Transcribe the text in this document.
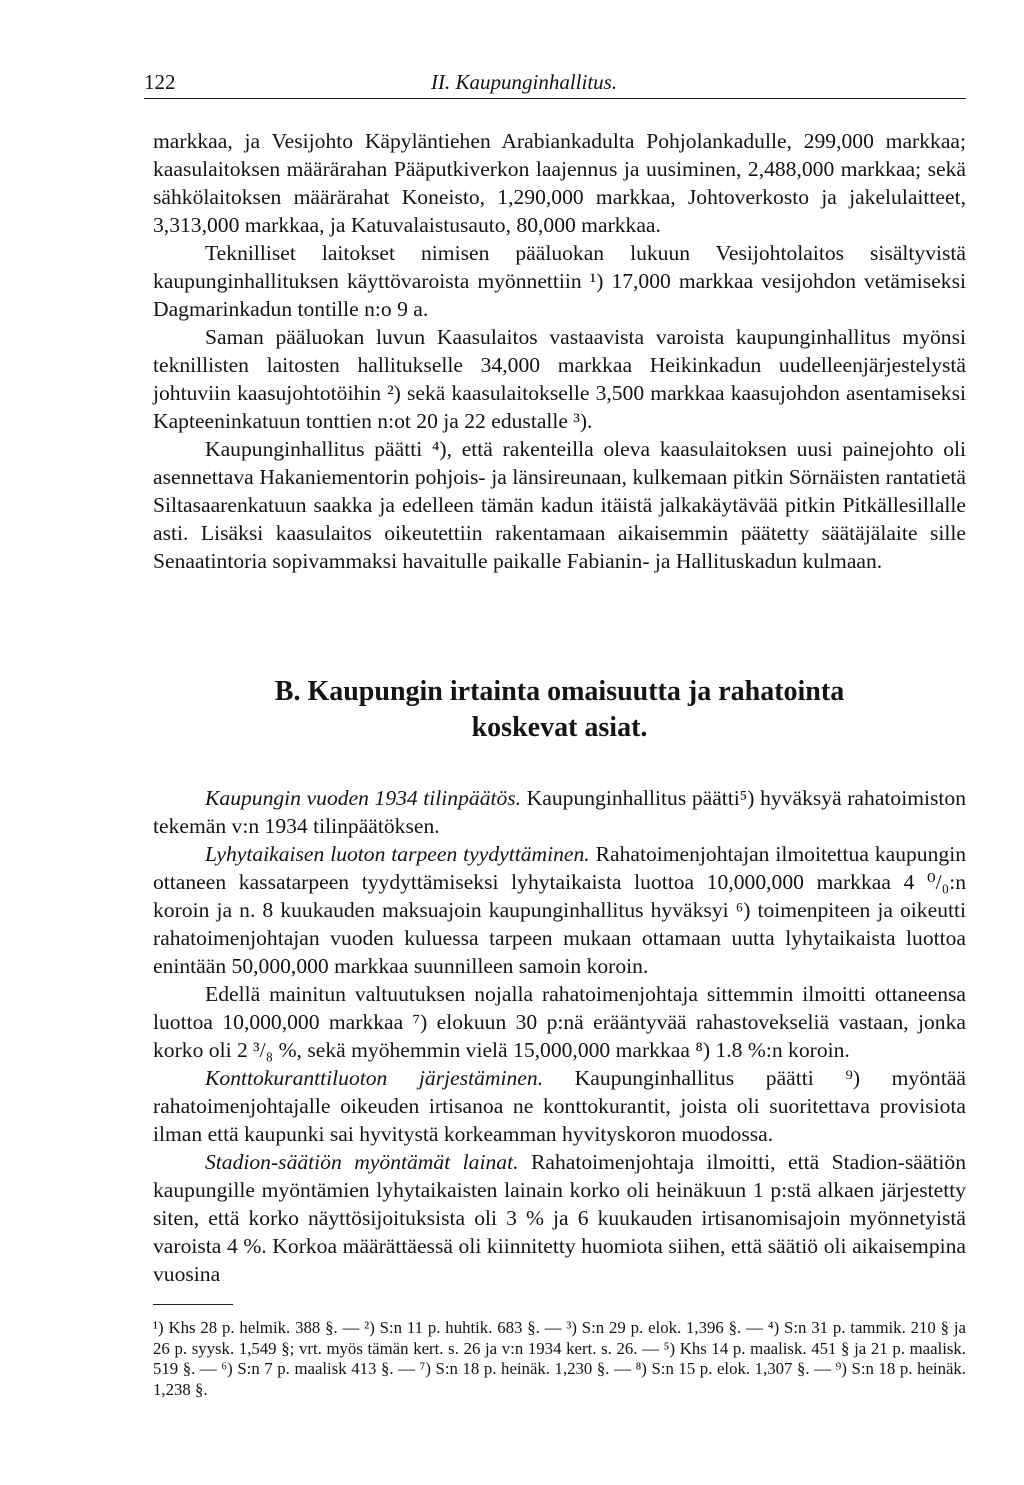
122	II. Kaupunginhallitus.

markkaa, ja Vesijohto Käpyläntiehen Arabiankadulta Pohjolankadulle, 299,000 markkaa; kaasulaitoksen määrärahan Pääputkiverkon laajennus ja uusiminen, 2,488,000 markkaa; sekä sähkölaitoksen määrärahat Koneisto, 1,290,000 markkaa, Johtoverkosto ja jakelulaitteet, 3,313,000 markkaa, ja Katuvalaistusauto, 80,000 markkaa.

Teknilliset laitokset nimisen pääluokan lukuun Vesijohtolaitos sisältyvistä kaupunginhallituksen käyttövaroista myönnettiin ¹) 17,000 markkaa vesijohdon vetämiseksi Dagmarinkadun tontille n:o 9 a.

Saman pääluokan luvun Kaasulaitos vastaavista varoista kaupunginhallitus myönsi teknillisten laitosten hallitukselle 34,000 markkaa Heikinkadun uudelleenjärjestelystä johtuviin kaasujohtotöihin ²) sekä kaasulaitokselle 3,500 markkaa kaasujohdon asentamiseksi Kapteeninkatuun tonttien n:ot 20 ja 22 edustalle ³).

Kaupunginhallitus päätti ⁴), että rakenteilla oleva kaasulaitoksen uusi painejohto oli asennettava Hakaniementorin pohjois- ja länsireunaan, kulkemaan pitkin Sörnäisten rantatietä Siltasaarenkatuun saakka ja edelleen tämän kadun itäistä jalkakäytävää pitkin Pitkällesillalle asti. Lisäksi kaasulaitos oikeutettiin rakentamaan aikaisemmin päätetty säätäjälaite sille Senaatintoria sopivammaksi havaitulle paikalle Fabianin- ja Hallituskadun kulmaan.

B. Kaupungin irtainta omaisuutta ja rahatointa
koskevat asiat.

Kaupungin vuoden 1934 tilinpäätös. Kaupunginhallitus päätti⁵) hyväksyä rahatoimiston tekemän v:n 1934 tilinpäätöksen.

Lyhytaikaisen luoton tarpeen tyydyttäminen. Rahatoimenjohtajan ilmoitettua kaupungin ottaneen kassatarpeen tyydyttämiseksi lyhytaikaista luottoa 10,000,000 markkaa 4 ⁰/₀:n koroin ja n. 8 kuukauden maksuajoin kaupunginhallitus hyväksyi ⁶) toimenpiteen ja oikeutti rahatoimenjohtajan vuoden kuluessa tarpeen mukaan ottamaan uutta lyhytaikaista luottoa enintään 50,000,000 markkaa suunnilleen samoin koroin.

Edellä mainitun valtuutuksen nojalla rahatoimenjohtaja sittemmin ilmoitti ottaneensa luottoa 10,000,000 markkaa ⁷) elokuun 30 p:nä erääntyvää rahastovekseliä vastaan, jonka korko oli 2 ³/₈ %, sekä myöhemmin vielä 15,000,000 markkaa ⁸) 1.8 %:n koroin.

Konttokuranttiluoton järjestäminen. Kaupunginhallitus päätti ⁹) myöntää rahatoimenjohtajalle oikeuden irtisanoa ne konttokurantit, joista oli suoritettava provisiota ilman että kaupunki sai hyvitystä korkeamman hyvityskoron muodossa.

Stadion-säätiön myöntämät lainat. Rahatoimenjohtaja ilmoitti, että Stadion-säätiön kaupungille myöntämien lyhytaikaisten lainain korko oli heinäkuun 1 p:stä alkaen järjestetty siten, että korko näyttösijoituksista oli 3 % ja 6 kuukauden irtisanomisajoin myönnetyistä varoista 4 %. Korkoa määrättäessä oli kiinnitetty huomiota siihen, että säätiö oli aikaisempina vuosina

¹) Khs 28 p. helmik. 388 §. — ²) S:n 11 p. huhtik. 683 §. — ³) S:n 29 p. elok. 1,396 §. — ⁴) S:n 31 p. tammik. 210 § ja 26 p. syysk. 1,549 §; vrt. myös tämän kert. s. 26 ja v:n 1934 kert. s. 26. — ⁵) Khs 14 p. maalisk. 451 § ja 21 p. maalisk. 519 §. — ⁶) S:n 7 p. maalisk 413 §. — ⁷) S:n 18 p. heinäk. 1,230 §. — ⁸) S:n 15 p. elok. 1,307 §. — ⁹) S:n 18 p. heinäk. 1,238 §.
